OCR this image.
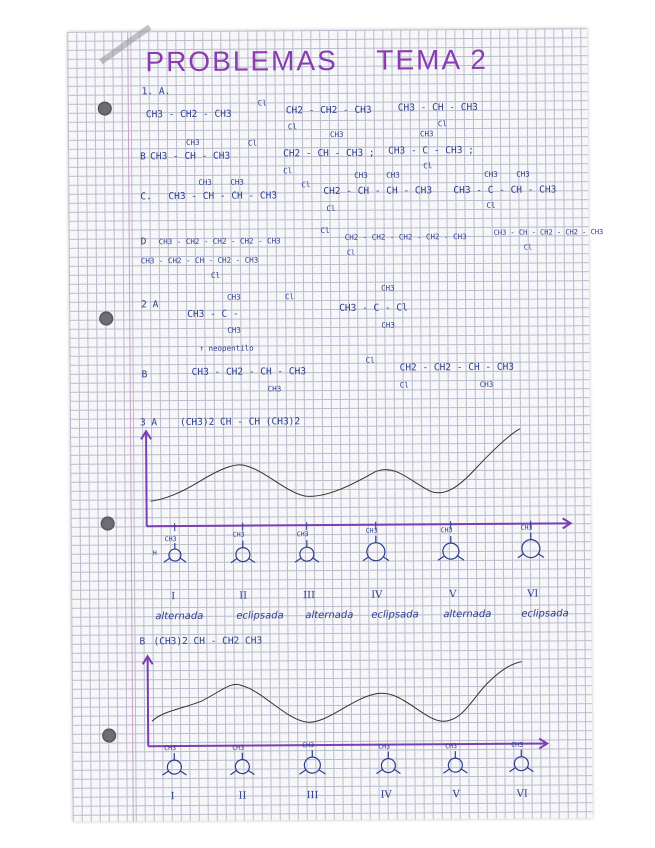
PROBLEMAS    TEMA 2
1. A.
CH3 - CH2 - CH3
Cl
CH2 - CH2 - CH3
Cl
CH3 - CH - CH3
Cl
CH3
B CH3 - CH - CH3
Cl
CH3
CH2 - CH - CH3 ;
Cl
CH3
CH3 - C - CH3 ;
Cl
CH3 CH3
C. CH3 - CH - CH - CH3
Cl
CH3 CH3
CH2 - CH - CH - CH3
Cl
CH3 CH3
CH3 - C - CH - CH3
Cl
D CH3 - CH2 - CH2 - CH2 - CH3
Cl
CH2 - CH2 - CH2 - CH2 - CH3
Cl
CH3 - CH - CH2 - CH2 - CH3
Cl
CH3 - CH2 - CH - CH2 - CH3
Cl
2 A
CH3
CH3 - C -
CH3
Cl
CH3
CH3 - C - Cl
CH3
↑ neopentilo
B	CH3 - CH2 - CH - CH3
CH3
Cl
CH2 - CH2 - CH - CH3
Cl	CH3
3 A (CH3)2 CH - CH (CH3)2
CH3
H
CH3	CH3	CH3	CH3	CH3
I	II	III	IV	V	VI
alternada	eclipsada alternada eclipsada alternada	eclipsada
B (CH3)2 CH - CH2 CH3
CH3	CH3	CH3	CH3	CH3	CH3
I	II	III	IV	V	VI
